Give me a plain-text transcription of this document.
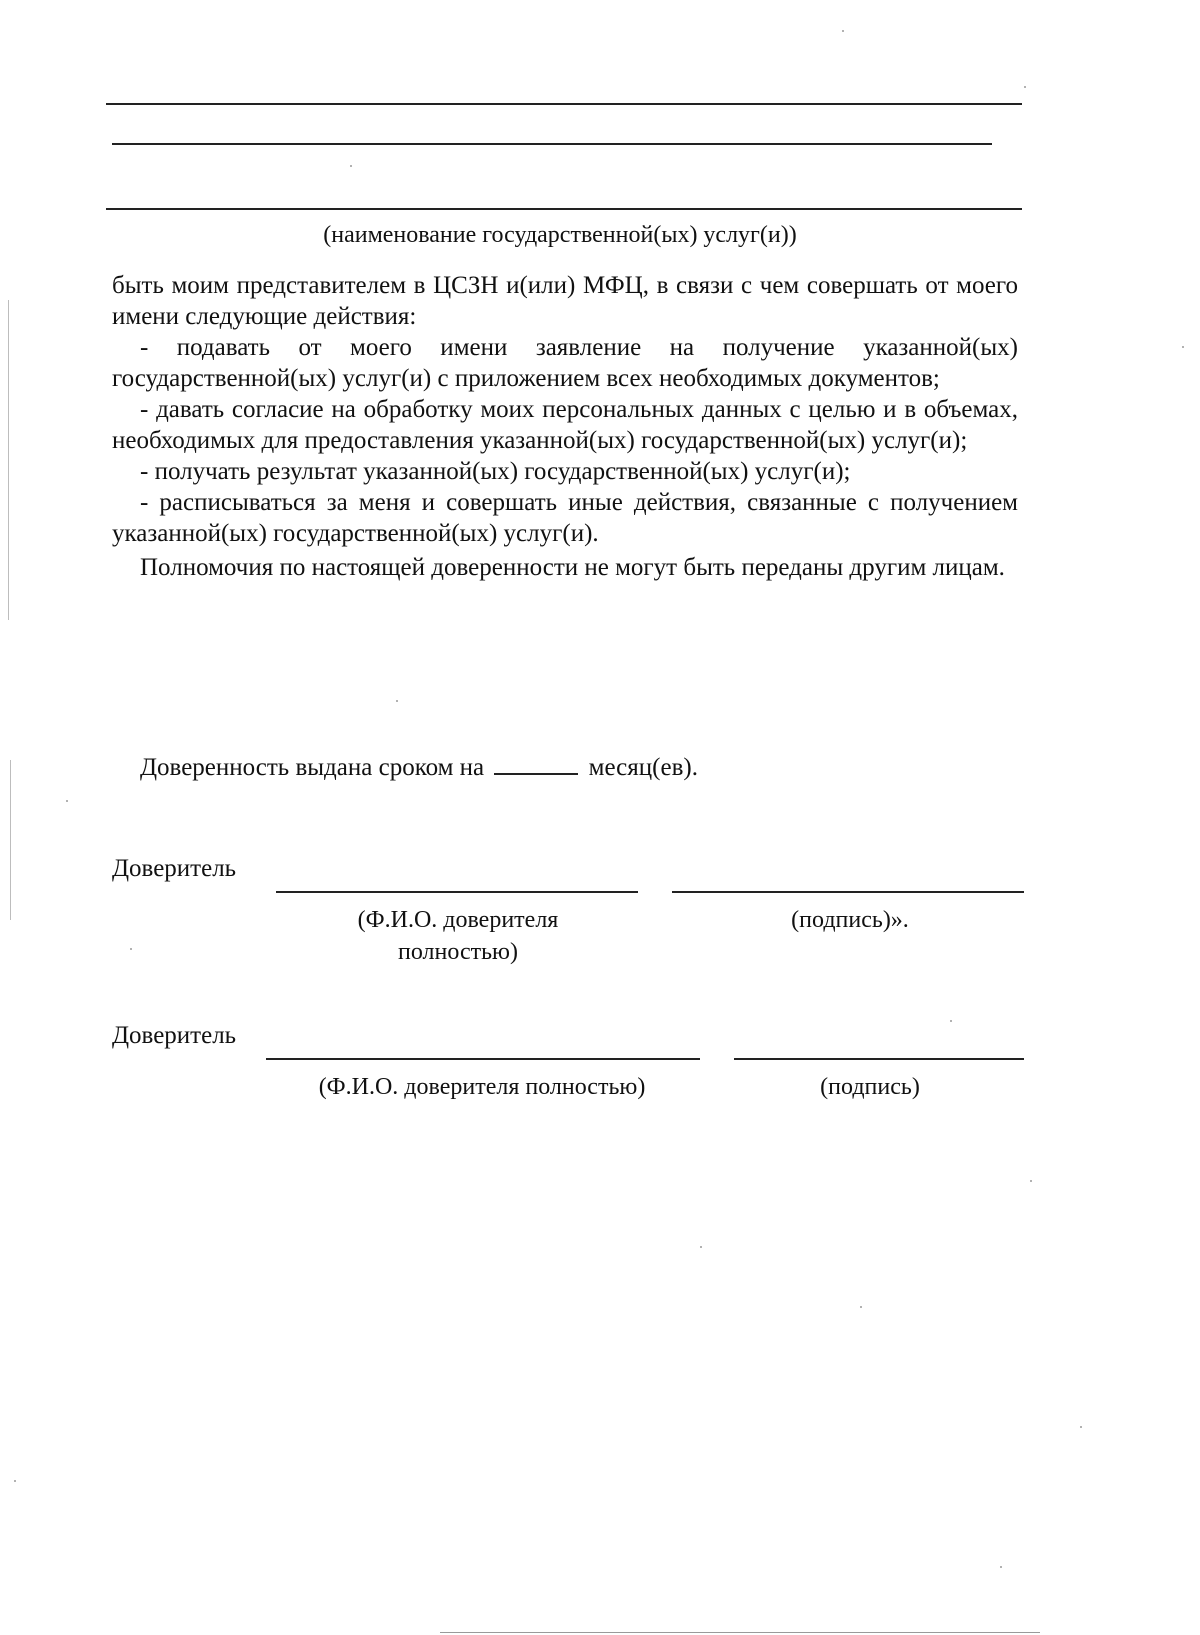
(наименование государственной(ых) услуг(и))

быть моим представителем в ЦСЗН и(или) МФЦ, в связи с чем совершать от моего имени следующие действия:

- подавать от моего имени заявление на получение указанной(ых) государственной(ых) услуг(и) с приложением всех необходимых документов;

- давать согласие на обработку моих персональных данных с целью и в объемах, необходимых для предоставления указанной(ых) государственной(ых) услуг(и);

- получать результат указанной(ых) государственной(ых) услуг(и);

- расписываться за меня и совершать иные действия, связанные с получением указанной(ых) государственной(ых) услуг(и).

Полномочия по настоящей доверенности не могут быть переданы другим лицам.

Доверенность выдана сроком на	месяц(ев).
Доверитель
(Ф.И.О. доверителя
полностью)
(подпись)».
Доверитель
(Ф.И.О. доверителя полностью)	(подпись)
